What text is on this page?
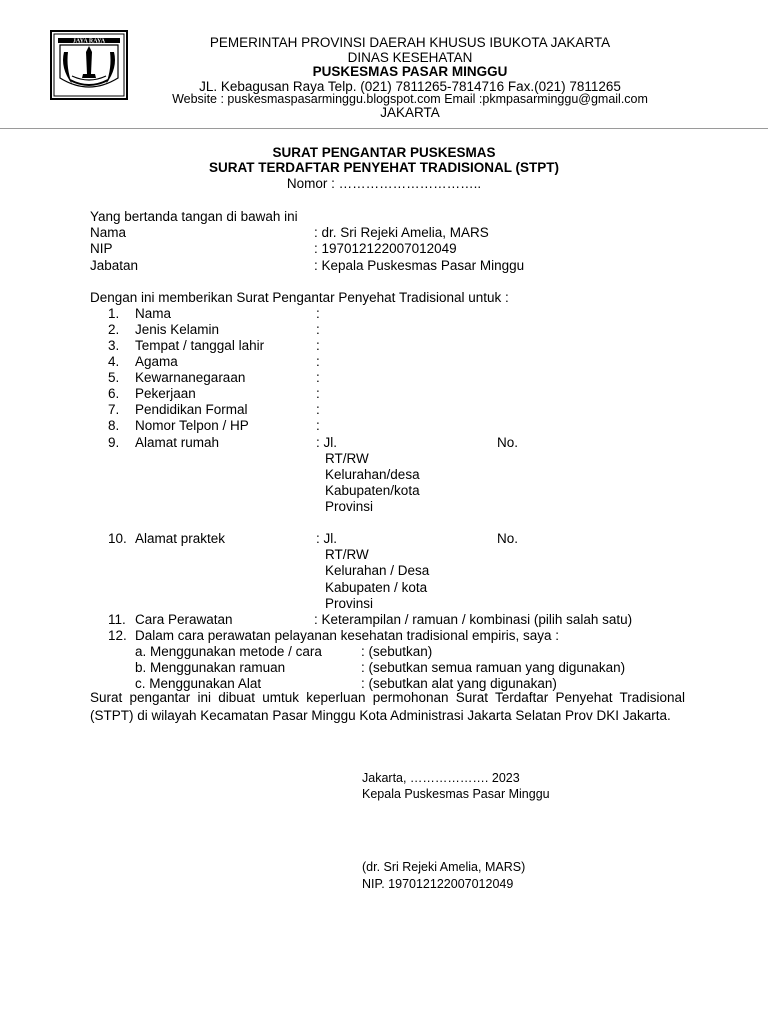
JAYA RAYA	PEMERINTAH PROVINSI DAERAH KHUSUS IBUKOTA JAKARTA
DINAS KESEHATAN
PUSKESMAS PASAR MINGGU
JL. Kebagusan Raya Telp. (021) 7811265-7814716 Fax.(021) 7811265
Website : puskesmaspasarminggu.blogspot.com Email :pkmpasarminggu@gmail.com
JAKARTA
SURAT PENGANTAR PUSKESMAS
SURAT TERDAFTAR PENYEHAT TRADISIONAL (STPT)
Nomor : …………………………..
Yang bertanda tangan di bawah ini
Nama	: dr. Sri Rejeki Amelia, MARS
NIP	: 197012122007012049
Jabatan	: Kepala Puskesmas Pasar Minggu
Dengan ini memberikan Surat Pengantar Penyehat Tradisional untuk :
1. Nama	:
2. Jenis Kelamin	:
3. Tempat / tanggal lahir	:
4. Agama	:
5. Kewarnanegaraan	:
6. Pekerjaan	:
7. Pendidikan Formal	:
8. Nomor Telpon / HP	:
9. Alamat rumah	: Jl.	No.
RT/RW
Kelurahan/desa
Kabupaten/kota
Provinsi
10. Alamat praktek	: Jl.	No.
RT/RW
Kelurahan / Desa
Kabupaten / kota
Provinsi
11. Cara Perawatan	: Keterampilan / ramuan / kombinasi (pilih salah satu)
12. Dalam cara perawatan pelayanan kesehatan tradisional empiris, saya :
a. Menggunakan metode / cara	: (sebutkan)
b. Menggunakan ramuan	: (sebutkan semua ramuan yang digunakan)
c. Menggunakan Alat	: (sebutkan alat yang digunakan)
Surat pengantar ini dibuat umtuk keperluan permohonan Surat Terdaftar Penyehat Tradisional (STPT) di wilayah Kecamatan Pasar Minggu Kota Administrasi Jakarta Selatan Prov DKI Jakarta.
Jakarta, ………………. 2023
Kepala Puskesmas Pasar Minggu
(dr. Sri Rejeki Amelia, MARS)
NIP. 197012122007012049
